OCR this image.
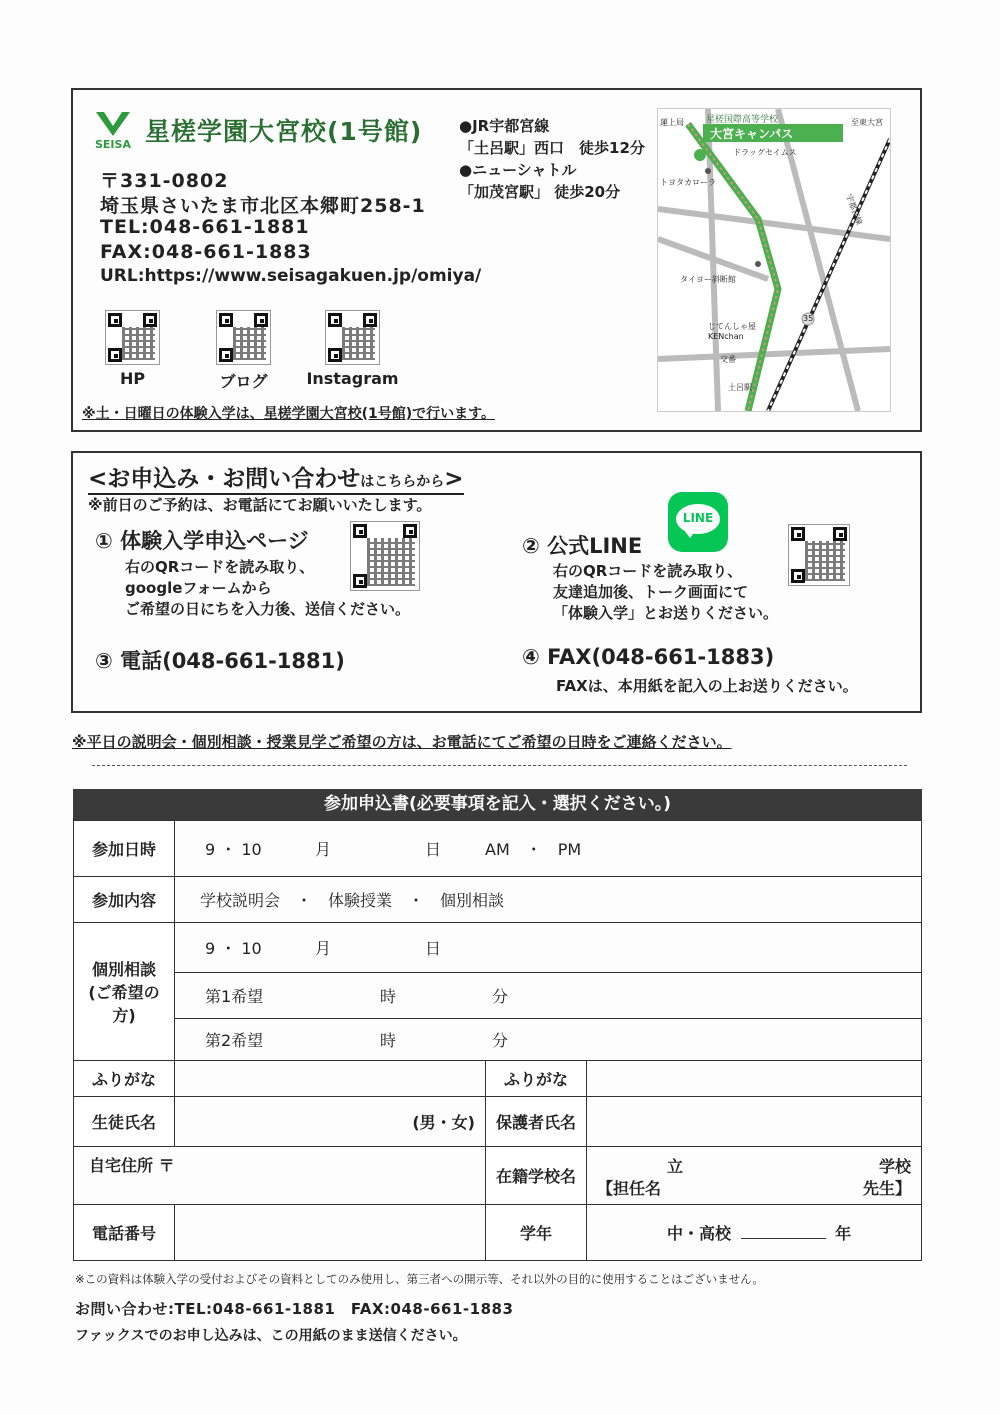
SEISA 星槎学園大宮校(1号館)
〒331-0802
埼玉県さいたま市北区本郷町258-1
TEL:048-661-1881
FAX:048-661-1883
URL:https://www.seisagakuen.jp/omiya/
●JR宇都宮線
「土呂駅」西口　徒歩12分
●ニューシャトル
「加茂宮駅」 徒歩20分
HP	ブログ	Instagram
※土・日曜日の体験入学は、星槎学園大宮校(1号館)で行います。
星槎国際高等学校
大宮キャンパス
蓮上局	至東大宮
ドラッグセイムス
トヨタカローラ
タイヨー斜断館
じてんしゃ屋 KENchan
土呂駅
交番
宇都宮線
35
<お申込み・お問い合わせはこちらから>
※前日のご予約は、お電話にてお願いいたします。
① 体験入学申込ページ
右のQRコードを読み取り、
googleフォームから
ご希望の日にちを入力後、送信ください。
② 公式LINE
LINE
右のQRコードを読み取り、
友達追加後、トーク画面にて
「体験入学」とお送りください。
③ 電話(048-661-1881)	④ FAX(048-661-1883)
FAXは、本用紙を記入の上お送りください。
※平日の説明会・個別相談・授業見学ご希望の方は、お電話にてご希望の日時をご連絡ください。
参加申込書(必要事項を記入・選択ください。)
参加日時	9 ・ 10 月 日 AM　・　PM		
参加内容	学校説明会　・　体験授業　・　個別相談		

個別相談
(ご希望の方)	9 ・ 10 月 日		
	第1希望 時 分		
	第2希望 時 分		
ふりがな		ふりがな	
生徒氏名	(男・女)	保護者氏名	
自宅住所 〒		在籍学校名	立 学校
【担任名 先生】

電話番号		学年	中・高校 年
※この資料は体験入学の受付およびその資料としてのみ使用し、第三者への開示等、それ以外の目的に使用することはございません。
お問い合わせ:TEL:048-661-1881　FAX:048-661-1883
ファックスでのお申し込みは、この用紙のまま送信ください。
